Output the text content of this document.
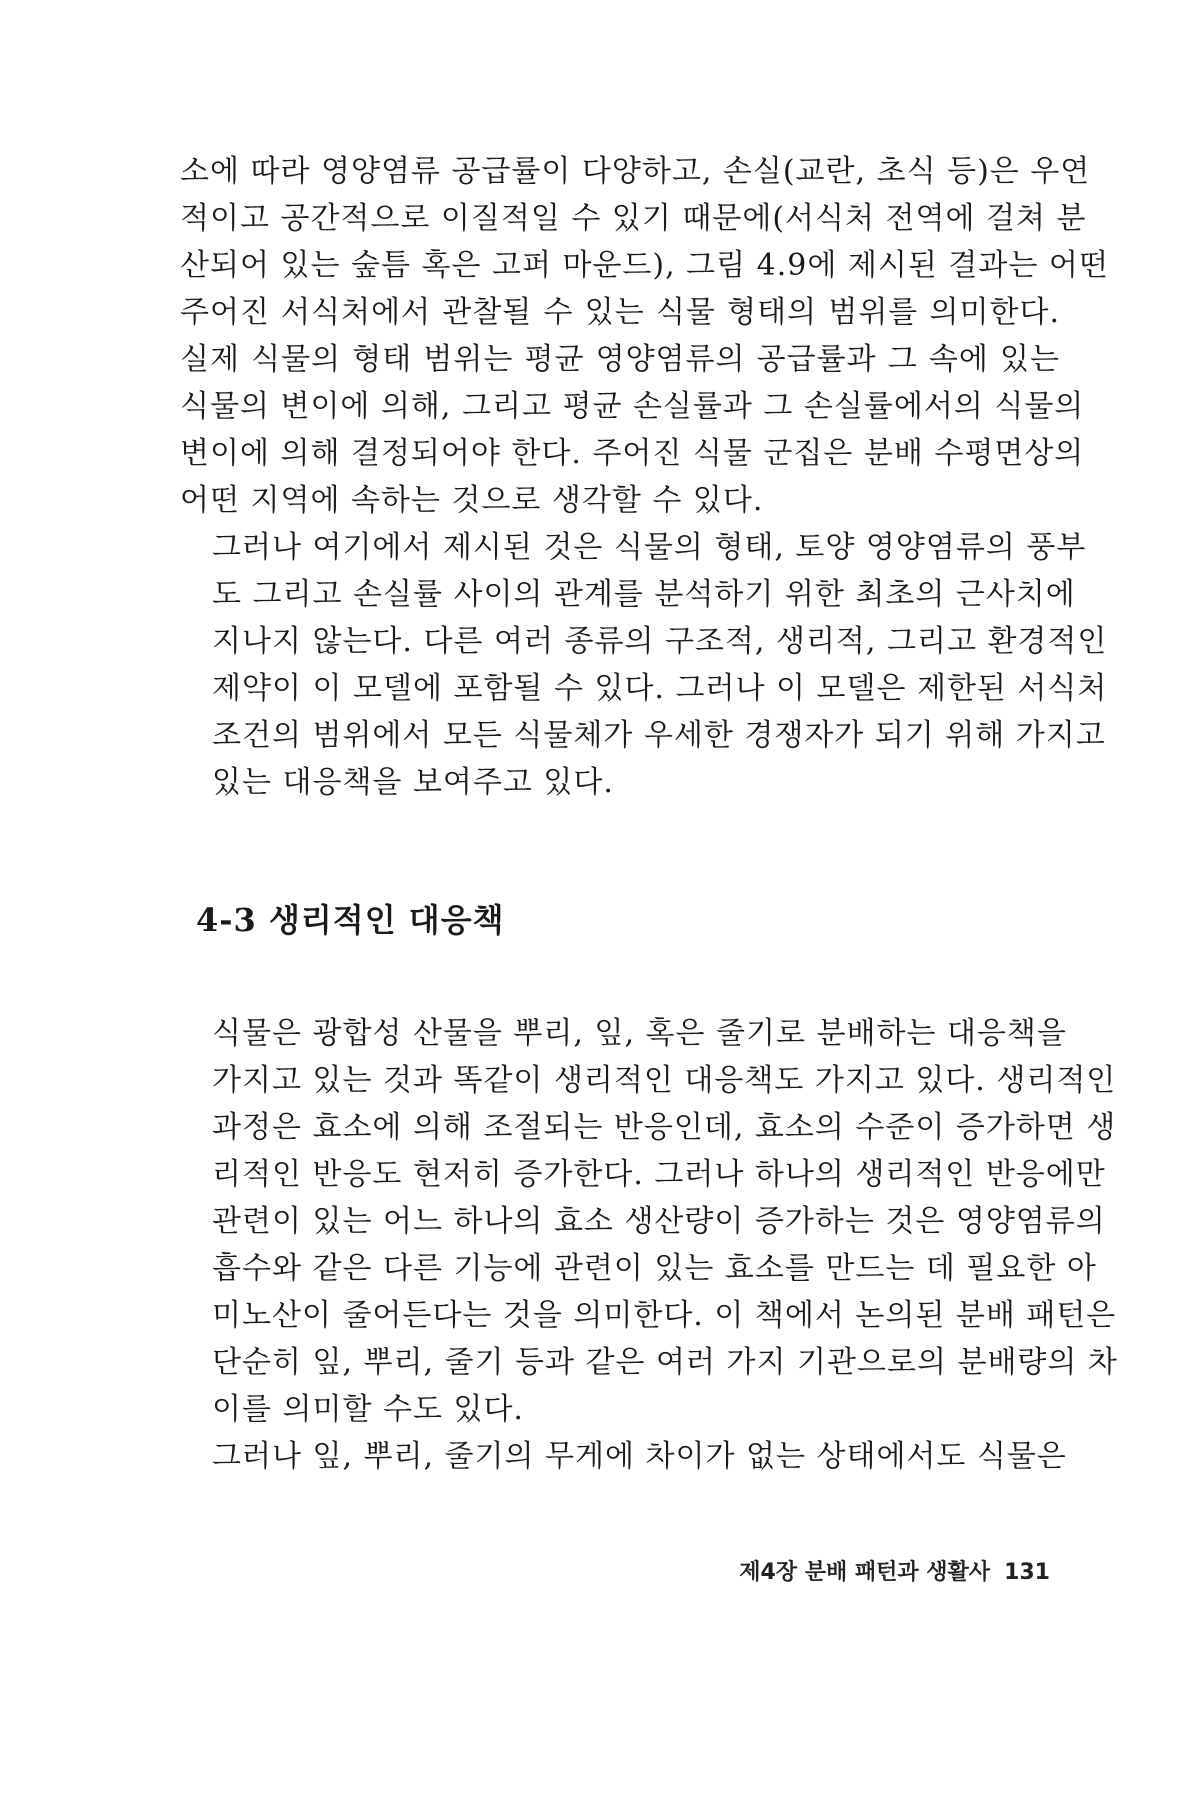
소에 따라 영양염류 공급률이 다양하고, 손실(교란, 초식 등)은 우연
적이고 공간적으로 이질적일 수 있기 때문에(서식처 전역에 걸쳐 분
산되어 있는 숲틈 혹은 고퍼 마운드), 그림 4.9에 제시된 결과는 어떤
주어진 서식처에서 관찰될 수 있는 식물 형태의 범위를 의미한다.
실제 식물의 형태 범위는 평균 영양염류의 공급률과 그 속에 있는
식물의 변이에 의해, 그리고 평균 손실률과 그 손실률에서의 식물의
변이에 의해 결정되어야 한다. 주어진 식물 군집은 분배 수평면상의
어떤 지역에 속하는 것으로 생각할 수 있다.
그러나 여기에서 제시된 것은 식물의 형태, 토양 영양염류의 풍부
도 그리고 손실률 사이의 관계를 분석하기 위한 최초의 근사치에
지나지 않는다. 다른 여러 종류의 구조적, 생리적, 그리고 환경적인
제약이 이 모델에 포함될 수 있다. 그러나 이 모델은 제한된 서식처
조건의 범위에서 모든 식물체가 우세한 경쟁자가 되기 위해 가지고
있는 대응책을 보여주고 있다.
4-3 생리적인 대응책
식물은 광합성 산물을 뿌리, 잎, 혹은 줄기로 분배하는 대응책을
가지고 있는 것과 똑같이 생리적인 대응책도 가지고 있다. 생리적인
과정은 효소에 의해 조절되는 반응인데, 효소의 수준이 증가하면 생
리적인 반응도 현저히 증가한다. 그러나 하나의 생리적인 반응에만
관련이 있는 어느 하나의 효소 생산량이 증가하는 것은 영양염류의
흡수와 같은 다른 기능에 관련이 있는 효소를 만드는 데 필요한 아
미노산이 줄어든다는 것을 의미한다. 이 책에서 논의된 분배 패턴은
단순히 잎, 뿌리, 줄기 등과 같은 여러 가지 기관으로의 분배량의 차
이를 의미할 수도 있다.
그러나 잎, 뿌리, 줄기의 무게에 차이가 없는 상태에서도 식물은
제4장 분배 패턴과 생활사 131
